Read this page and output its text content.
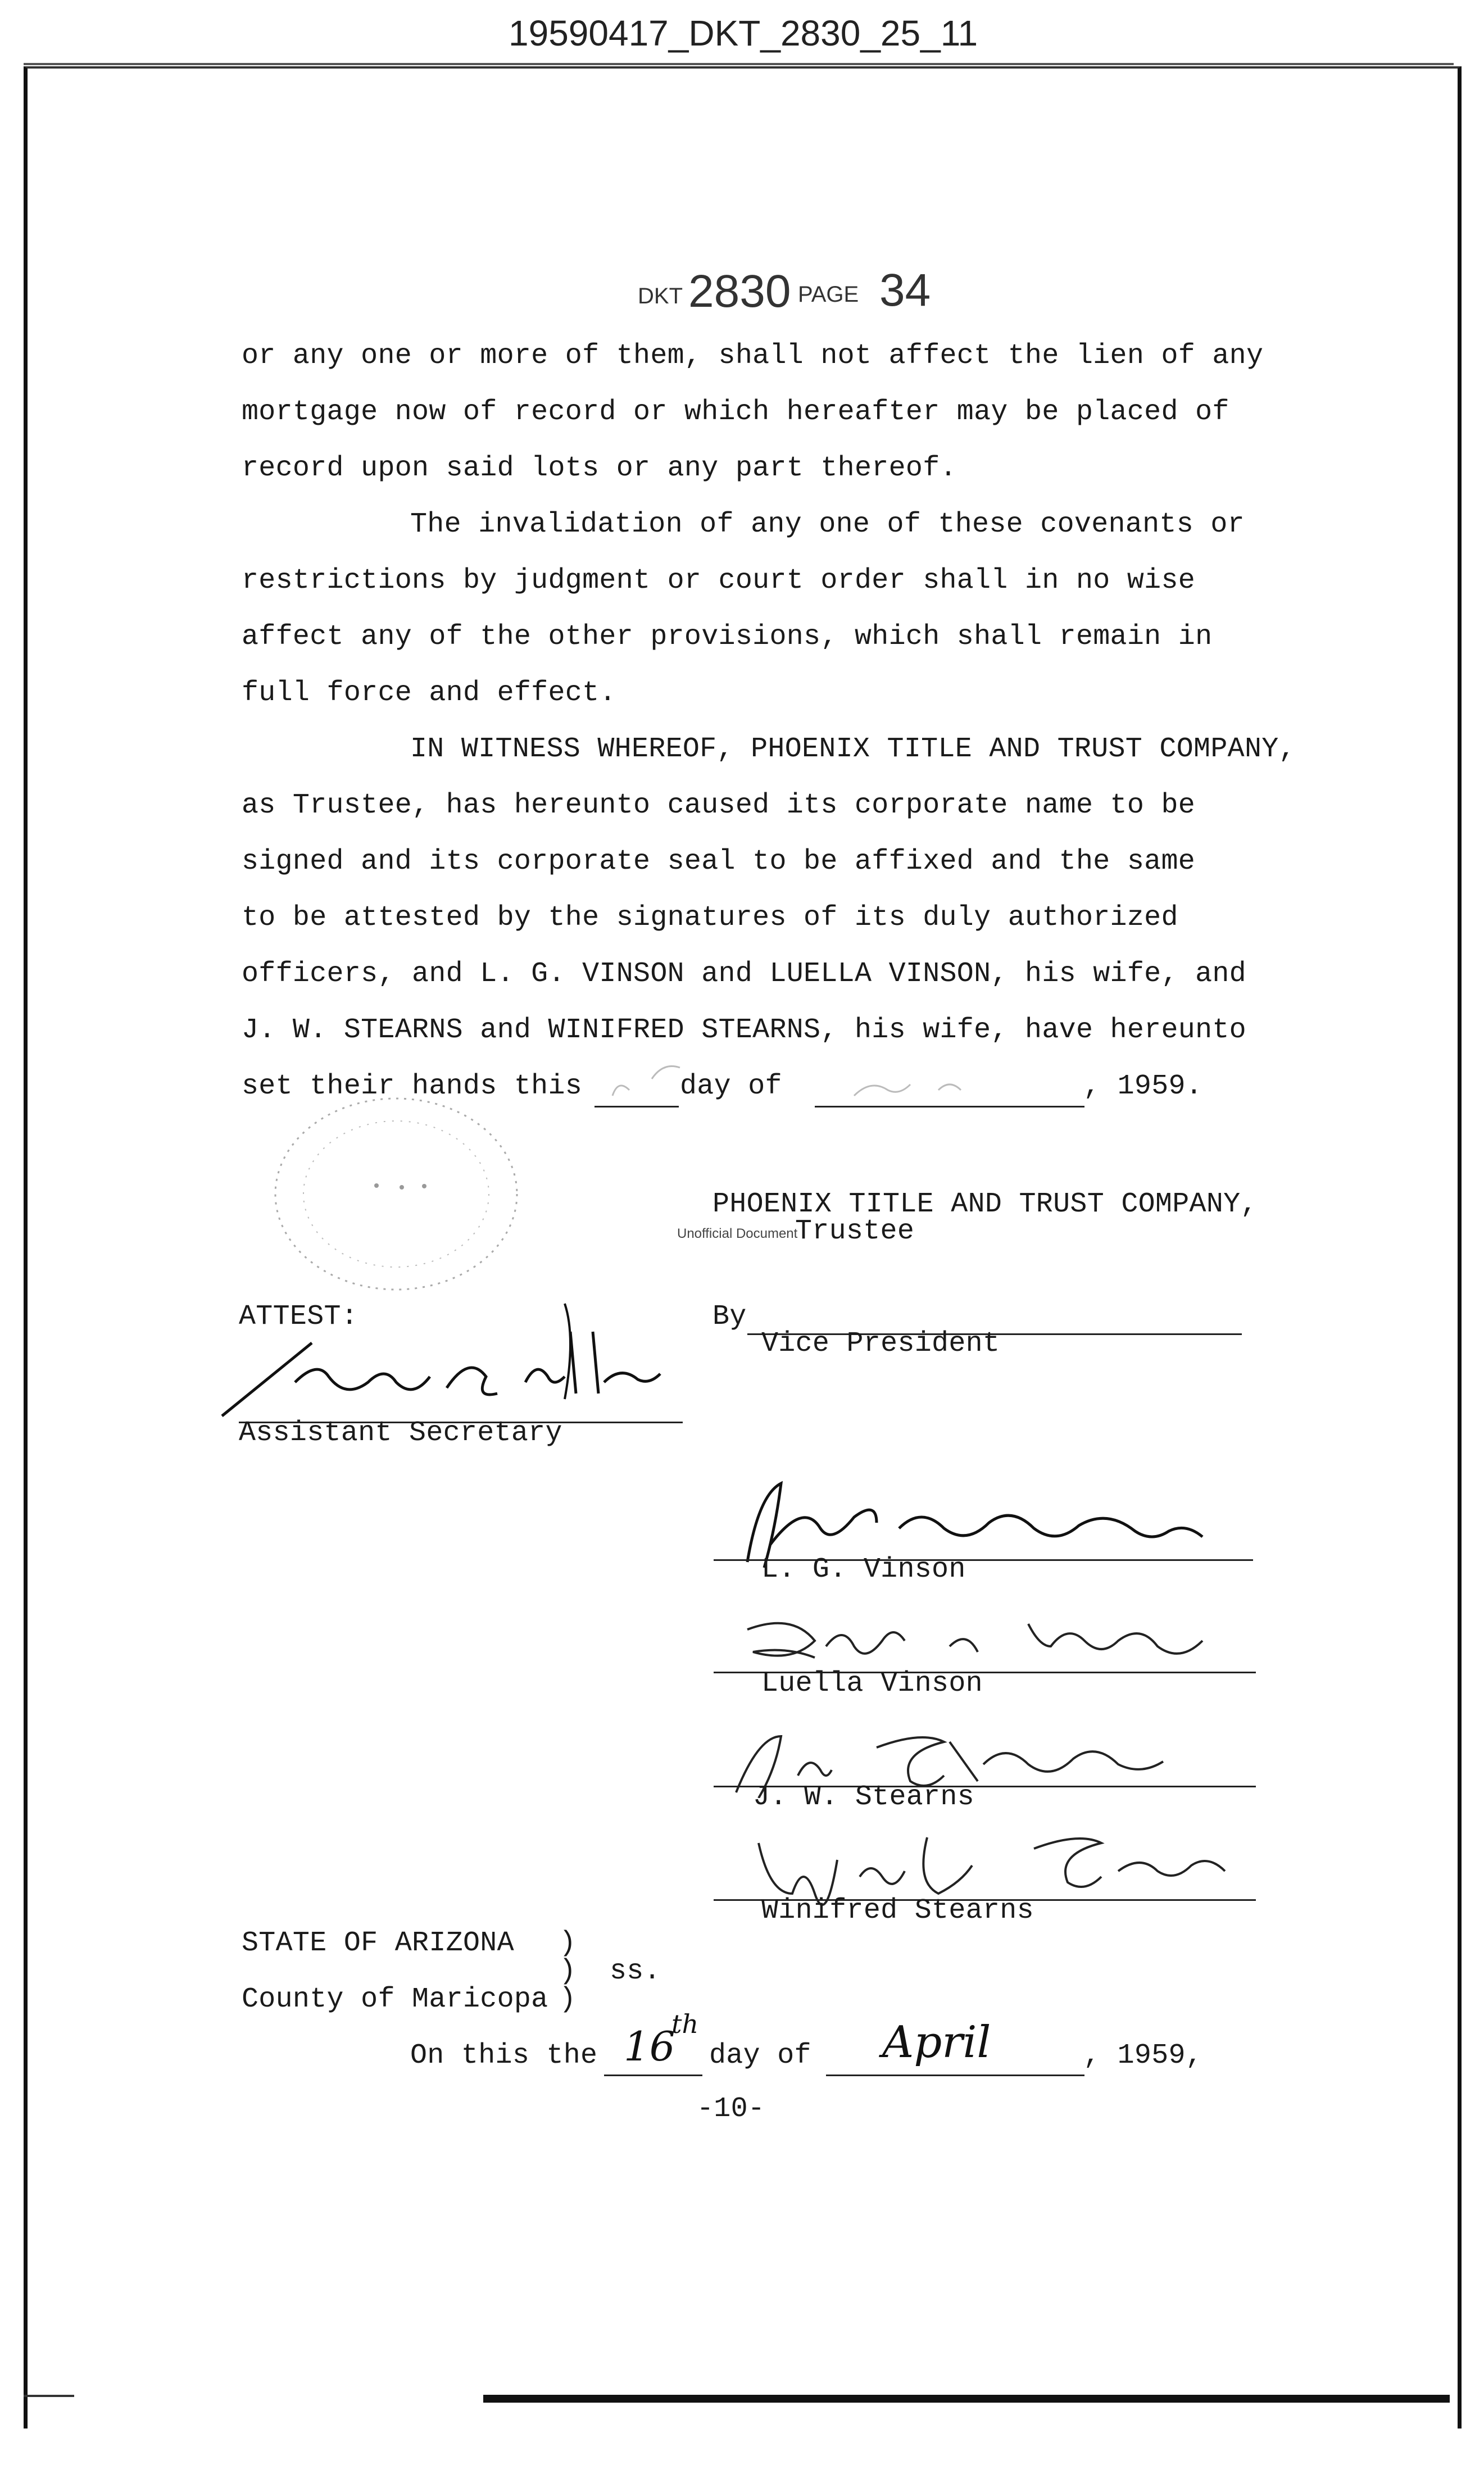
19590417_DKT_2830_25_11
DKT 2830 PAGE 34
or any one or more of them, shall not affect the lien of any
mortgage now of record or which hereafter may be placed of
record upon said lots or any part thereof.
The invalidation of any one of these covenants or
restrictions by judgment or court order shall in no wise
affect any of the other provisions, which shall remain in
full force and effect.
IN WITNESS WHEREOF, PHOENIX TITLE AND TRUST COMPANY,
as Trustee, has hereunto caused its corporate name to be
signed and its corporate seal to be affixed and the same
to be attested by the signatures of its duly authorized
officers, and L. G. VINSON and LUELLA VINSON, his wife, and
J. W. STEARNS and WINIFRED STEARNS, his wife, have hereunto
set their hands this	day of	, 1959.
PHOENIX TITLE AND TRUST COMPANY,
Unofficial Document
Trustee
ATTEST:	By
Vice President
Assistant Secretary
L. G. Vinson
Luella Vinson
J. W. Stearns
Winifred Stearns
STATE OF ARIZONA )
) ss.
County of Maricopa )
On this the 16
th
day of April	, 1959,
-10-
